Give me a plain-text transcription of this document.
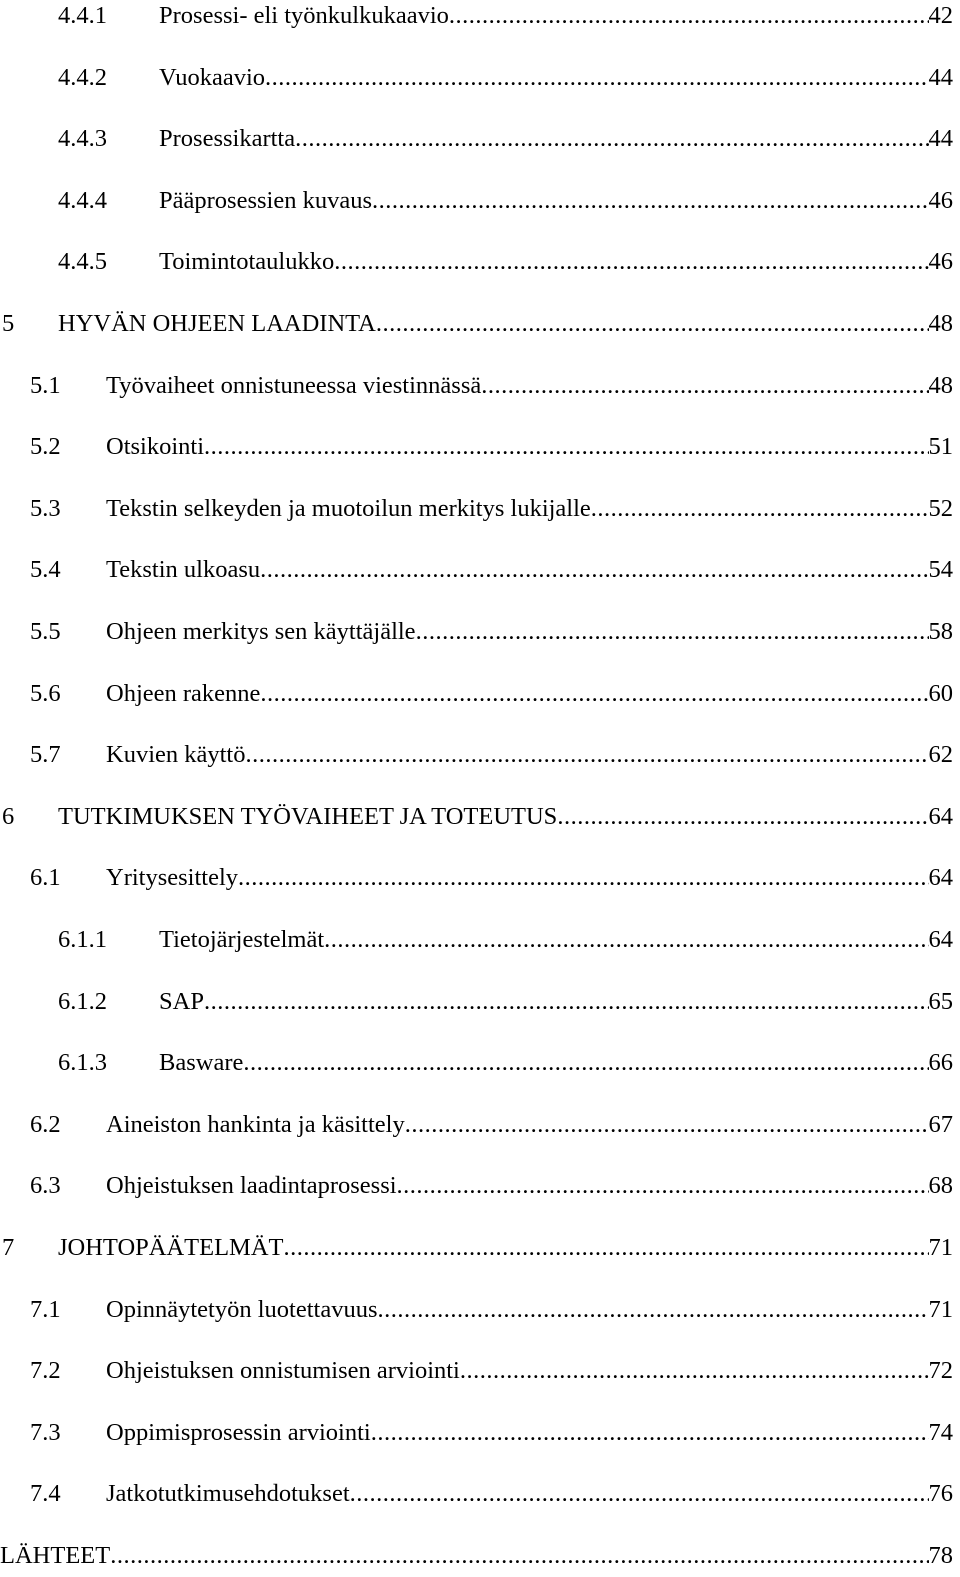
4.4.1	Prosessi- eli työnkulkukaavio .....	42
4.4.2	Vuokaavio .....	44
4.4.3	Prosessikartta .....	44
4.4.4	Pääprosessien kuvaus .....	46
4.4.5	Toimintotaulukko .....	46
5	HYVÄN OHJEEN LAADINTA .....	48
5.1	Työvaiheet onnistuneessa viestinnässä .....	48
5.2	Otsikointi .....	51
5.3	Tekstin selkeyden ja muotoilun merkitys lukijalle .....	52
5.4	Tekstin ulkoasu .....	54
5.5	Ohjeen merkitys sen käyttäjälle .....	58
5.6	Ohjeen rakenne .....	60
5.7	Kuvien käyttö .....	62
6	TUTKIMUKSEN TYÖVAIHEET JA TOTEUTUS .....	64
6.1	Yritysesittely .....	64
6.1.1	Tietojärjestelmät .....	64
6.1.2	SAP .....	65
6.1.3	Basware .....	66
6.2	Aineiston hankinta ja käsittely .....	67
6.3	Ohjeistuksen laadintaprosessi .....	68
7	JOHTOPÄÄTELMÄT .....	71
7.1	Opinnäytetyön luotettavuus .....	71
7.2	Ohjeistuksen onnistumisen arviointi .....	72
7.3	Oppimisprosessin arviointi .....	74
7.4	Jatkotutkimusehdotukset .....	76
LÄHTEET .....	78
